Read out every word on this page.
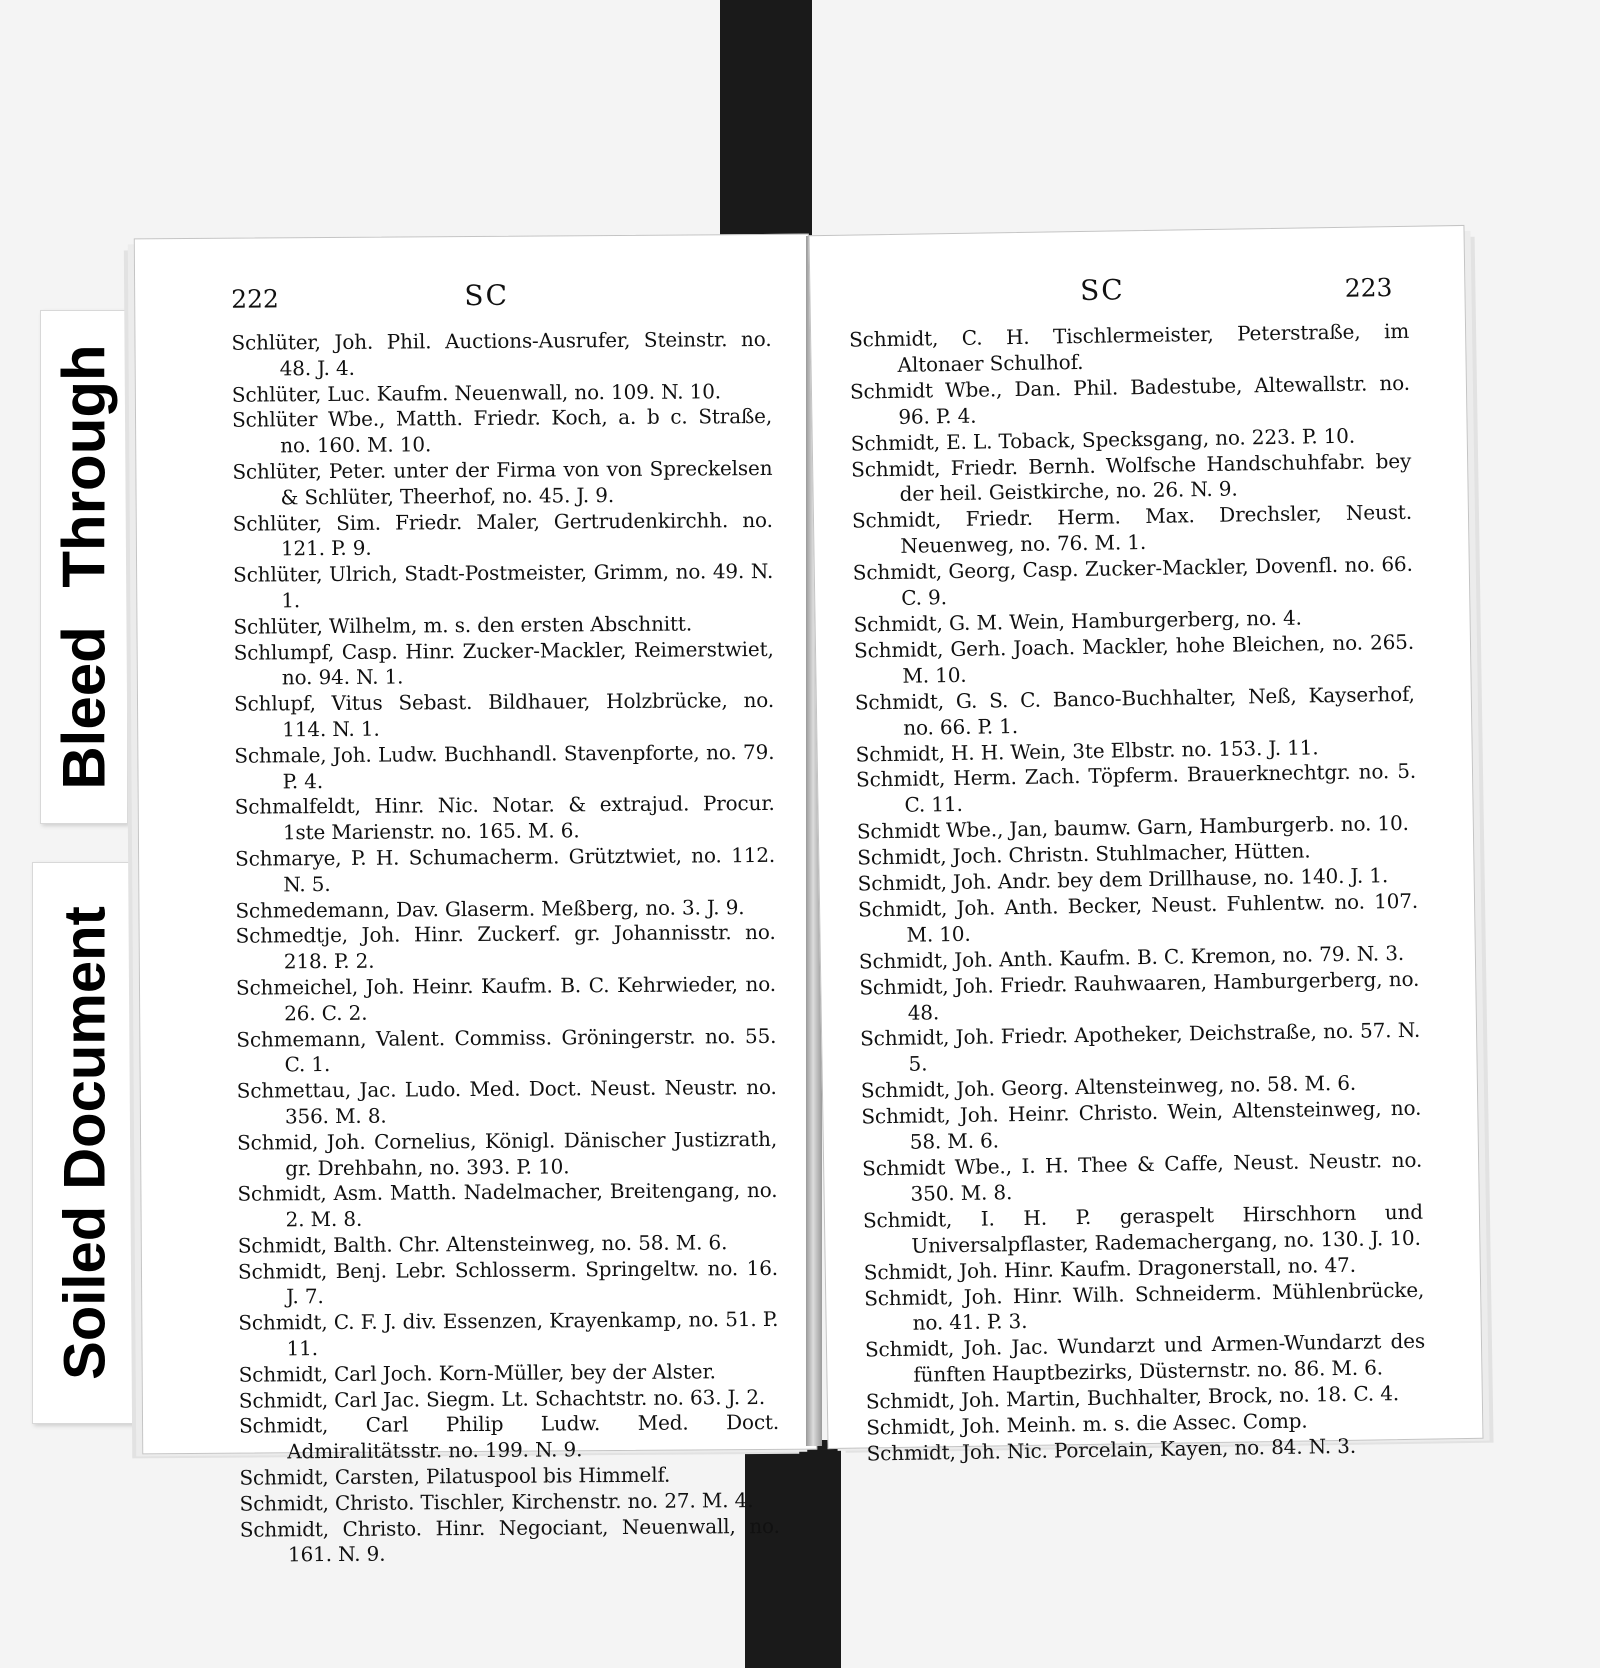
Bleed Through
Soiled Document
222	SC
Schlüter, Joh. Phil. Auctions-Ausrufer, Steinstr. no. 48. J. 4.
Schlüter, Luc. Kaufm. Neuenwall, no. 109. N. 10.
Schlüter Wbe., Matth. Friedr. Koch, a. b c. Straße, no. 160. M. 10.
Schlüter, Peter. unter der Firma von von Spreckelsen & Schlüter, Theerhof, no. 45. J. 9.
Schlüter, Sim. Friedr. Maler, Gertrudenkirchh. no. 121. P. 9.
Schlüter, Ulrich, Stadt-Postmeister, Grimm, no. 49. N. 1.
Schlüter, Wilhelm, m. s. den ersten Abschnitt.
Schlumpf, Casp. Hinr. Zucker-Mackler, Reimerstwiet, no. 94. N. 1.
Schlupf, Vitus Sebast. Bildhauer, Holzbrücke, no. 114. N. 1.
Schmale, Joh. Ludw. Buchhandl. Stavenpforte, no. 79. P. 4.
Schmalfeldt, Hinr. Nic. Notar. & extrajud. Procur. 1ste Marienstr. no. 165. M. 6.
Schmarye, P. H. Schumacherm. Grütztwiet, no. 112. N. 5.
Schmedemann, Dav. Glaserm. Meßberg, no. 3. J. 9.
Schmedtje, Joh. Hinr. Zuckerf. gr. Johannisstr. no. 218. P. 2.
Schmeichel, Joh. Heinr. Kaufm. B. C. Kehrwieder, no. 26. C. 2.
Schmemann, Valent. Commiss. Gröningerstr. no. 55. C. 1.
Schmettau, Jac. Ludo. Med. Doct. Neust. Neustr. no. 356. M. 8.
Schmid, Joh. Cornelius, Königl. Dänischer Justizrath, gr. Drehbahn, no. 393. P. 10.
Schmidt, Asm. Matth. Nadelmacher, Breitengang, no. 2. M. 8.
Schmidt, Balth. Chr. Altensteinweg, no. 58. M. 6.
Schmidt, Benj. Lebr. Schlosserm. Springeltw. no. 16. J. 7.
Schmidt, C. F. J. div. Essenzen, Krayenkamp, no. 51. P. 11.
Schmidt, Carl Joch. Korn-Müller, bey der Alster.
Schmidt, Carl Jac. Siegm. Lt. Schachtstr. no. 63. J. 2.
Schmidt, Carl Philip Ludw. Med. Doct. Admiralitätsstr. no. 199. N. 9.
Schmidt, Carsten, Pilatuspool bis Himmelf.
Schmidt, Christo. Tischler, Kirchenstr. no. 27. M. 4.
Schmidt, Christo. Hinr. Negociant, Neuenwall, no. 161. N. 9.
SC	223
Schmidt, C. H. Tischlermeister, Peterstraße, im Altonaer Schulhof.
Schmidt Wbe., Dan. Phil. Badestube, Altewallstr. no. 96. P. 4.
Schmidt, E. L. Toback, Specksgang, no. 223. P. 10.
Schmidt, Friedr. Bernh. Wolfsche Handschuhfabr. bey der heil. Geistkirche, no. 26. N. 9.
Schmidt, Friedr. Herm. Max. Drechsler, Neust. Neuenweg, no. 76. M. 1.
Schmidt, Georg, Casp. Zucker-Mackler, Dovenfl. no. 66. C. 9.
Schmidt, G. M. Wein, Hamburgerberg, no. 4.
Schmidt, Gerh. Joach. Mackler, hohe Bleichen, no. 265. M. 10.
Schmidt, G. S. C. Banco-Buchhalter, Neß, Kayserhof, no. 66. P. 1.
Schmidt, H. H. Wein, 3te Elbstr. no. 153. J. 11.
Schmidt, Herm. Zach. Töpferm. Brauerknechtgr. no. 5. C. 11.
Schmidt Wbe., Jan, baumw. Garn, Hamburgerb. no. 10.
Schmidt, Joch. Christn. Stuhlmacher, Hütten.
Schmidt, Joh. Andr. bey dem Drillhause, no. 140. J. 1.
Schmidt, Joh. Anth. Becker, Neust. Fuhlentw. no. 107. M. 10.
Schmidt, Joh. Anth. Kaufm. B. C. Kremon, no. 79. N. 3.
Schmidt, Joh. Friedr. Rauhwaaren, Hamburgerberg, no. 48.
Schmidt, Joh. Friedr. Apotheker, Deichstraße, no. 57. N. 5.
Schmidt, Joh. Georg. Altensteinweg, no. 58. M. 6.
Schmidt, Joh. Heinr. Christo. Wein, Altensteinweg, no. 58. M. 6.
Schmidt Wbe., I. H. Thee & Caffe, Neust. Neustr. no. 350. M. 8.
Schmidt, I. H. P. geraspelt Hirschhorn und Universalpflaster, Rademachergang, no. 130. J. 10.
Schmidt, Joh. Hinr. Kaufm. Dragonerstall, no. 47.
Schmidt, Joh. Hinr. Wilh. Schneiderm. Mühlenbrücke, no. 41. P. 3.
Schmidt, Joh. Jac. Wundarzt und Armen-Wundarzt des fünften Hauptbezirks, Düsternstr. no. 86. M. 6.
Schmidt, Joh. Martin, Buchhalter, Brock, no. 18. C. 4.
Schmidt, Joh. Meinh. m. s. die Assec. Comp.
Schmidt, Joh. Nic. Porcelain, Kayen, no. 84. N. 3.
